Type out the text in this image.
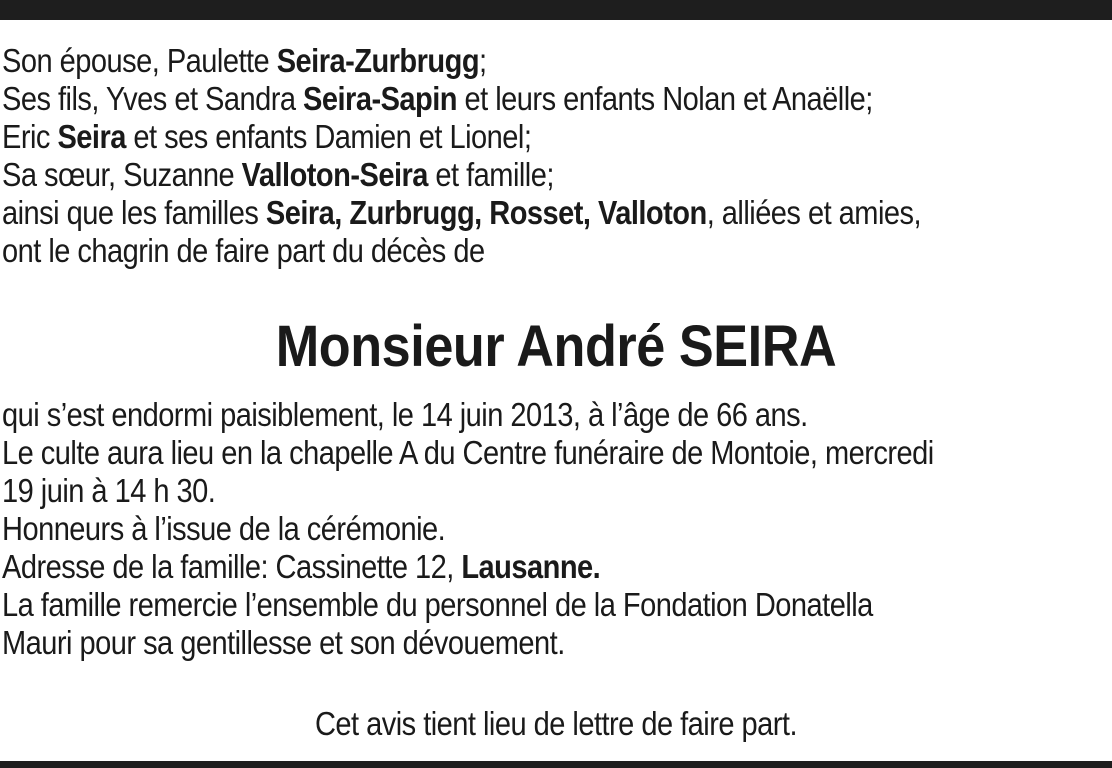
Son épouse, Paulette Seira-Zurbrugg;

Ses fils, Yves et Sandra Seira-Sapin et leurs enfants Nolan et Anaëlle;

Eric Seira et ses enfants Damien et Lionel;

Sa sœur, Suzanne Valloton-Seira et famille;

ainsi que les familles Seira, Zurbrugg, Rosset, Valloton, alliées et amies,

ont le chagrin de faire part du décès de

Monsieur André SEIRA

qui s’est endormi paisiblement, le 14 juin 2013, à l’âge de 66 ans.

Le culte aura lieu en la chapelle A du Centre funéraire de Montoie, mercredi

19 juin à 14 h 30.

Honneurs à l’issue de la cérémonie.

Adresse de la famille: Cassinette 12, Lausanne.

La famille remercie l’ensemble du personnel de la Fondation Donatella

Mauri pour sa gentillesse et son dévouement.

Cet avis tient lieu de lettre de faire part.
